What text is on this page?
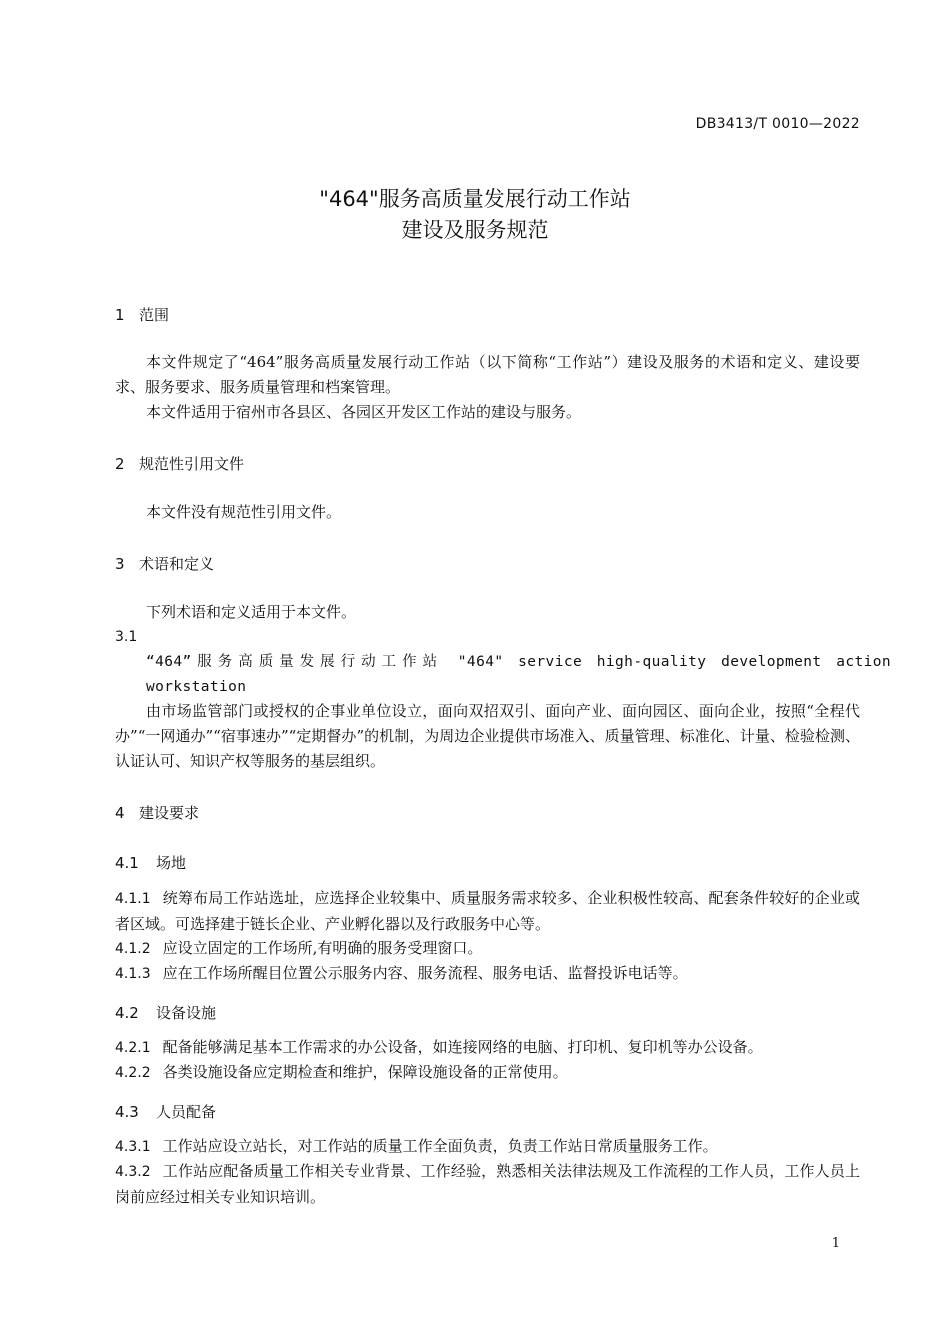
DB3413/T 0010—2022
"464"服务高质量发展行动工作站
建设及服务规范
1 范围
本文件规定了“464”服务高质量发展行动工作站（以下简称“工作站”）建设及服务的术语和定义、建设要求、服务要求、服务质量管理和档案管理。
本文件适用于宿州市各县区、各园区开发区工作站的建设与服务。
2 规范性引用文件
本文件没有规范性引用文件。
3 术语和定义
下列术语和定义适用于本文件。
3.1
“464”服务高质量发展行动工作站 "464" service high-quality development action workstation
由市场监管部门或授权的企事业单位设立，面向双招双引、面向产业、面向园区、面向企业，按照“全程代办”“一网通办”“宿事速办”“定期督办”的机制，为周边企业提供市场准入、质量管理、标准化、计量、检验检测、认证认可、知识产权等服务的基层组织。
4 建设要求
4.1 场地
4.1.1 统筹布局工作站选址，应选择企业较集中、质量服务需求较多、企业积极性较高、配套条件较好的企业或者区域。可选择建于链长企业、产业孵化器以及行政服务中心等。
4.1.2 应设立固定的工作场所,有明确的服务受理窗口。
4.1.3 应在工作场所醒目位置公示服务内容、服务流程、服务电话、监督投诉电话等。
4.2 设备设施
4.2.1 配备能够满足基本工作需求的办公设备，如连接网络的电脑、打印机、复印机等办公设备。
4.2.2 各类设施设备应定期检查和维护，保障设施设备的正常使用。
4.3 人员配备
4.3.1 工作站应设立站长，对工作站的质量工作全面负责，负责工作站日常质量服务工作。
4.3.2 工作站应配备质量工作相关专业背景、工作经验，熟悉相关法律法规及工作流程的工作人员，工作人员上岗前应经过相关专业知识培训。
1
